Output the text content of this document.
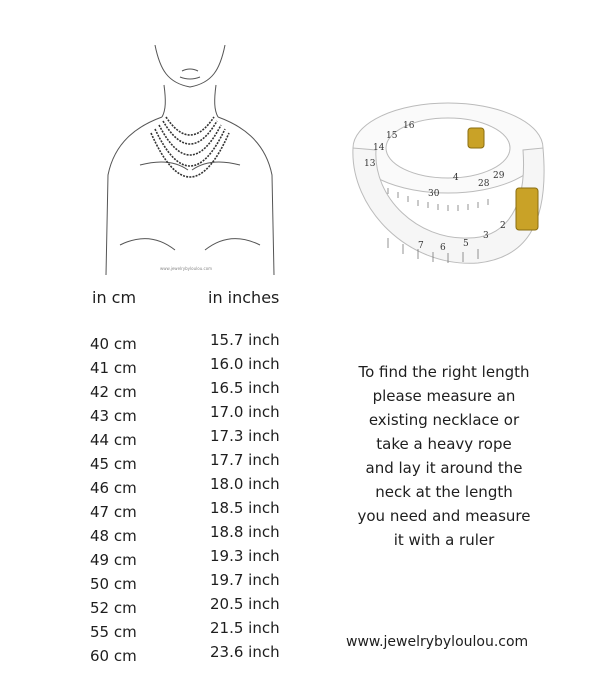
www.jewelrybyloulou.com
15
16
14
13
4
28
29
30
3
2
5
6
7
in cm	in inches
40 cm	15.7 inch
41 cm	16.0 inch
42 cm	16.5 inch
43 cm	17.0 inch
44 cm	17.3 inch
45 cm	17.7 inch
46 cm	18.0 inch
47 cm	18.5 inch
48 cm	18.8 inch
49 cm	19.3 inch
50 cm	19.7 inch
52 cm	20.5 inch
55 cm	21.5 inch
60 cm	23.6 inch
To find the right length
please measure an
existing necklace or
take a heavy rope
and lay it around the
neck at the length
you need and measure
it with a ruler
www.jewelrybyloulou.com
